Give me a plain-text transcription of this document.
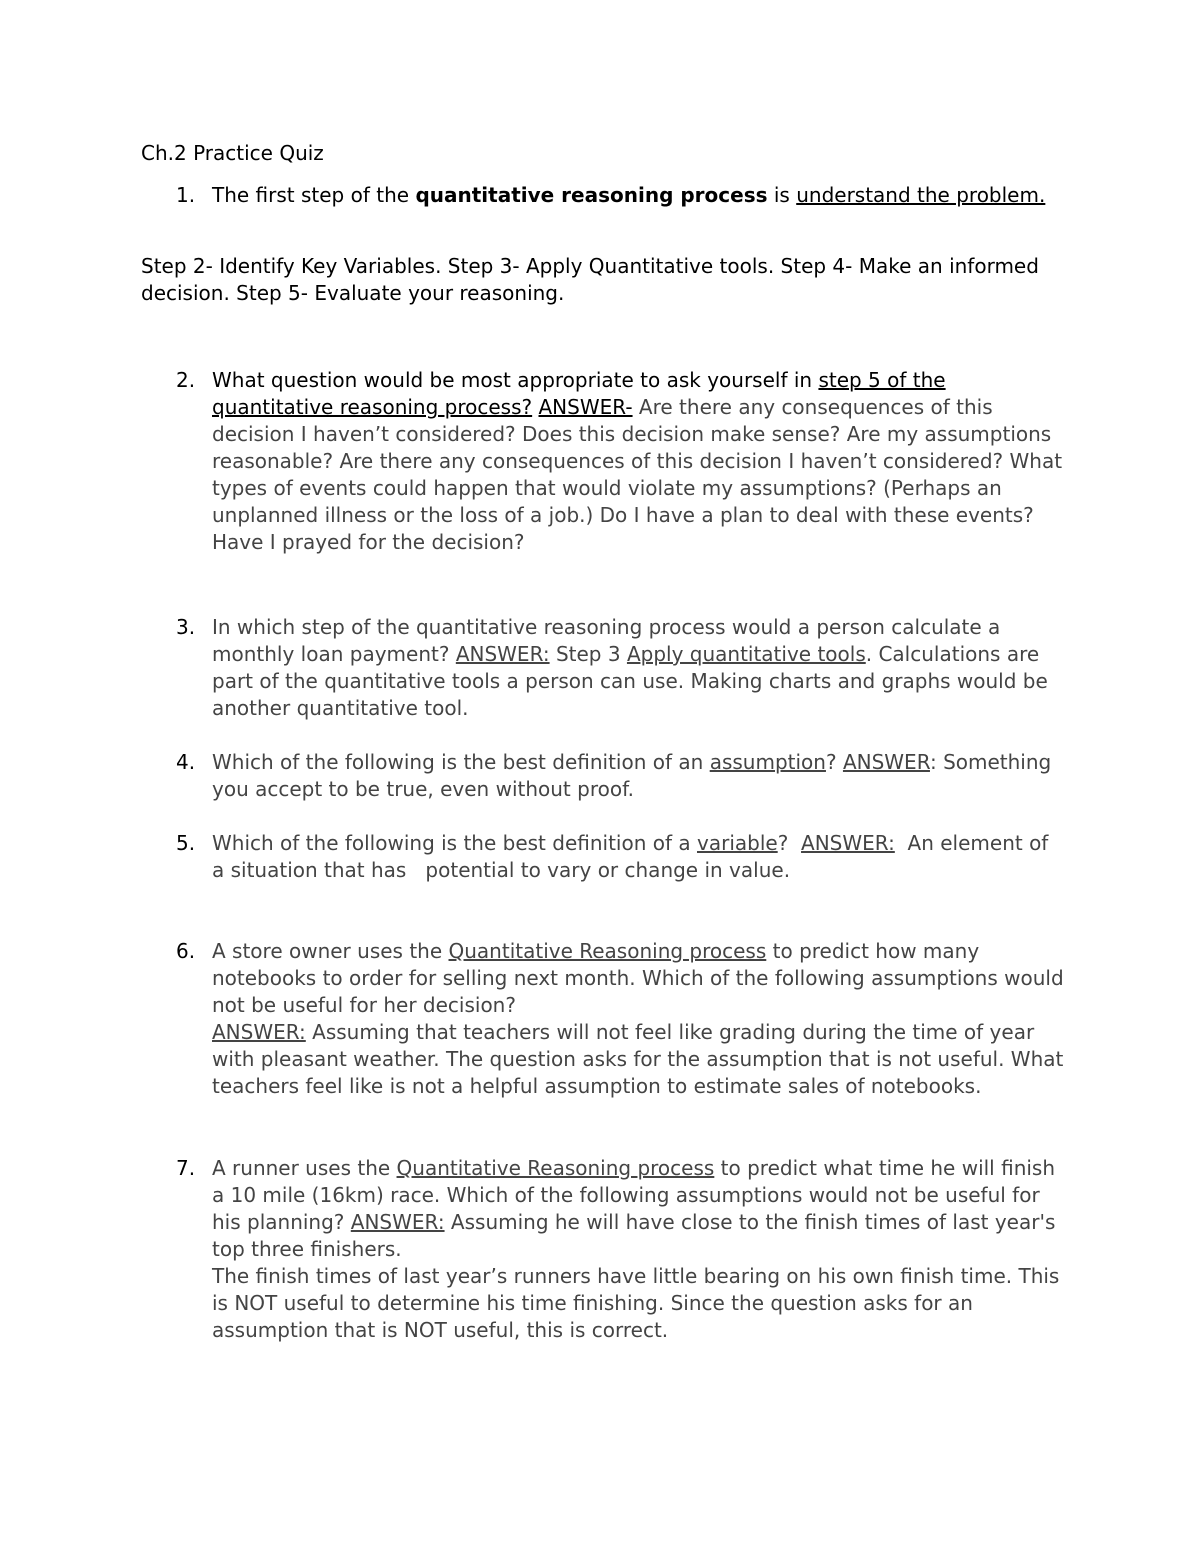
Ch.2 Practice Quiz
1. The first step of the quantitative reasoning process is understand the problem.

Step 2- Identify Key Variables. Step 3- Apply Quantitative tools. Step 4- Make an informed decision. Step 5- Evaluate your reasoning.

2. What question would be most appropriate to ask yourself in step 5 of the quantitative reasoning process? ANSWER- Are there any consequences of this decision I haven’t considered? Does this decision make sense? Are my assumptions reasonable? Are there any consequences of this decision I haven’t considered? What types of events could happen that would violate my assumptions? (Perhaps an unplanned illness or the loss of a job.) Do I have a plan to deal with these events? Have I prayed for the decision?
3. In which step of the quantitative reasoning process would a person calculate a monthly loan payment? ANSWER: Step 3 Apply quantitative tools. Calculations are part of the quantitative tools a person can use. Making charts and graphs would be another quantitative tool.
4. Which of the following is the best definition of an assumption? ANSWER: Something you accept to be true, even without proof.
5. Which of the following is the best definition of a variable?  ANSWER:  An element of a situation that has   potential to vary or change in value.
6. A store owner uses the Quantitative Reasoning process to predict how many notebooks to order for selling next month. Which of the following assumptions would not be useful for her decision?
ANSWER: Assuming that teachers will not feel like grading during the time of year with pleasant weather. The question asks for the assumption that is not useful. What teachers feel like is not a helpful assumption to estimate sales of notebooks.
7. A runner uses the Quantitative Reasoning process to predict what time he will finish a 10 mile (16km) race. Which of the following assumptions would not be useful for his planning? ANSWER: Assuming he will have close to the finish times of last year's top three finishers.
The finish times of last year’s runners have little bearing on his own finish time. This is NOT useful to determine his time finishing. Since the question asks for an assumption that is NOT useful, this is correct.
